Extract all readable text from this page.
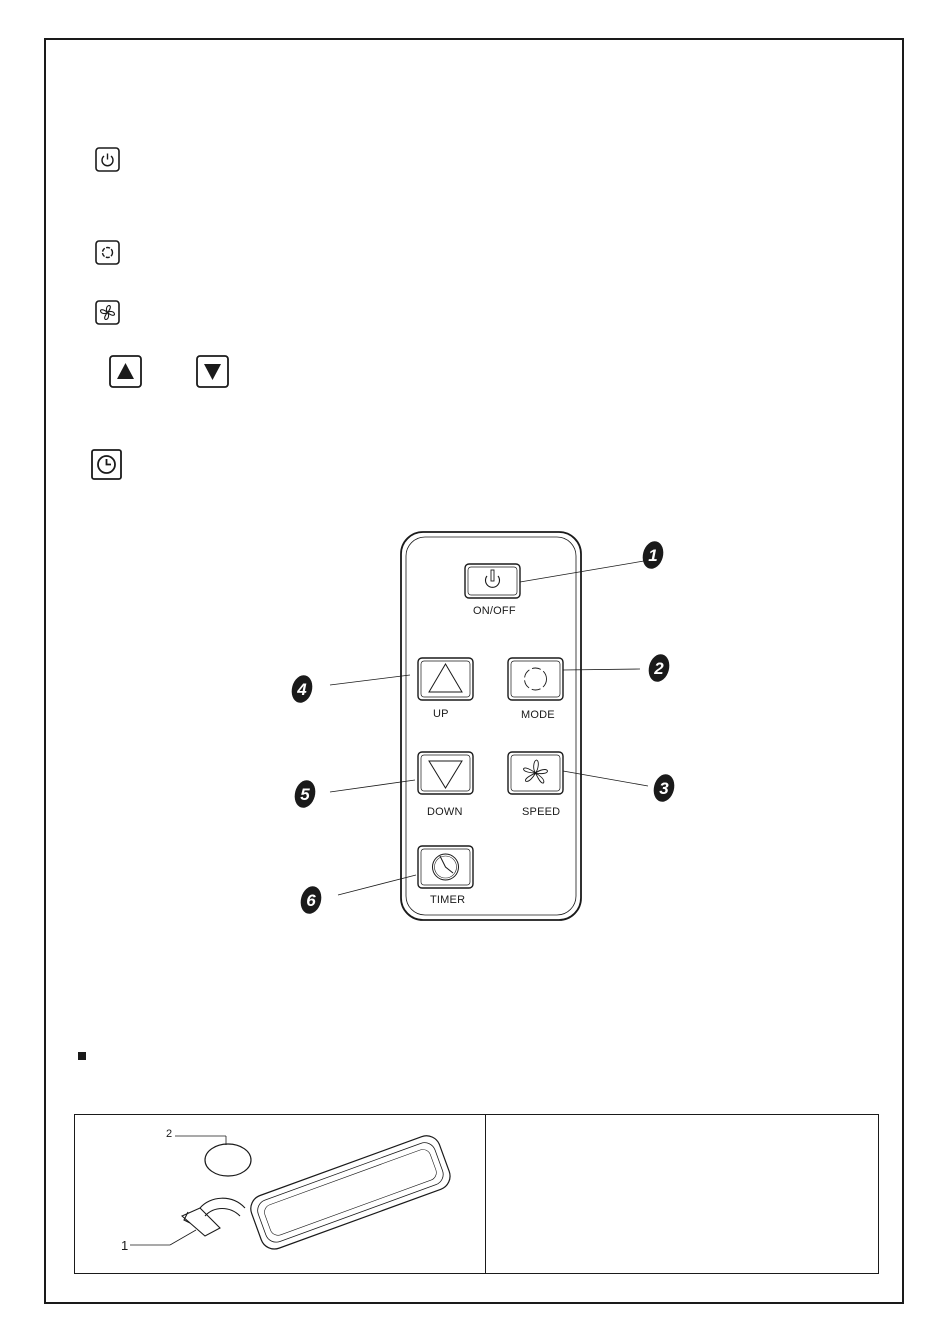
1
2
3
4
5
6
ON/OFF
UP	MODE
DOWN	SPEED
TIMER
2
1
